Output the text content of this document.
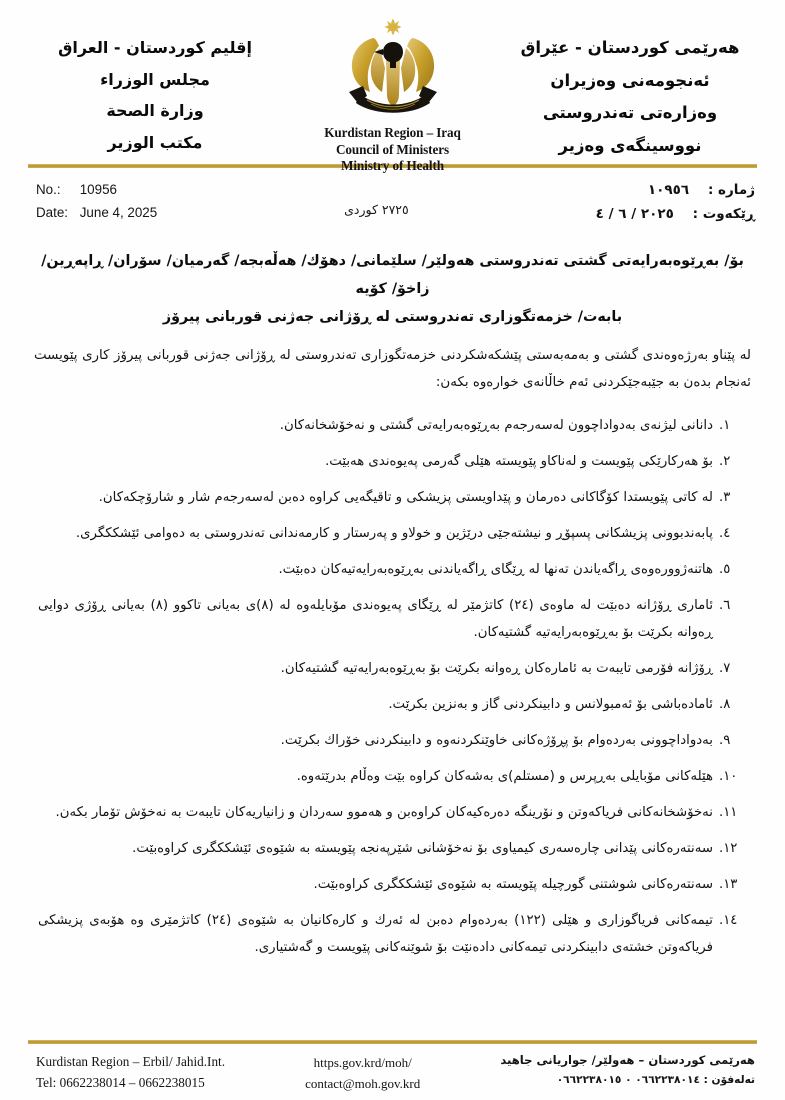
إقليم كوردستان - العراق
مجلس الوزراء
وزارة الصحة
مكتب الوزير
Kurdistan Region – Iraq
Council of Ministers
Ministry of Health
هەرێمی كوردستان - عێراق
ئەنجومەنی وەزیران
وەزارەتی تەندروستی
نووسینگەی وەزیر
No.: 10956
Date: June 4, 2025	٢٧٢٥ كوردی
ژماره :    ١٠٩٥٦
ڕێكەوت :    ٢٠٢٥ / ٦ / ٤
بۆ/ بەڕێوەبەرایەتی گشتی تەندروستی هەولێر/ سلێمانی/ دهۆك/ هەڵەبجە/ گەرمیان/ سۆران/ ڕاپەڕین/ زاخۆ/ كۆیە
بابەت/ خزمەتگوزاری تەندروستی لە ڕۆژانی جەژنی قوربانی پیرۆز
لە پێناو بەرژەوەندی گشتی و بەمەبەستی پێشكەشكردنی خزمەتگوزاری تەندروستی لە ڕۆژانی جەژنی قوربانی پیرۆز كاری پێویست ئەنجام بدەن بە جێبەجێكردنی ئەم خاڵانەی خوارەوە بكەن:
١.
دانانی لیژنەی بەدواداچوون لەسەرجەم بەڕێوەبەرایەتی گشتی و نەخۆشخانەكان.
٢.
بۆ هەركارێكی پێویست و لەناكاو پێویستە هێلی گەرمی پەیوەندی هەبێت.
٣.
لە كاتی پێویستدا كۆگاكانی دەرمان و پێداویستی پزیشكی و تاقیگەیی كراوە دەبن لەسەرجەم شار و شارۆچكەكان.
٤.
پابەندبوونی پزیشكانی پسپۆڕ و نیشتەجێی درێژین و خولاو و پەرستار و كارمەندانی تەندروستی بە دەوامی ئێشككگری.
٥.
هاتنەژوورەوەی ڕاگەیاندن تەنها لە ڕێگای ڕاگەیاندنی بەڕێوەبەرایەتیەكان دەبێت.
٦.
ئاماری ڕۆژانە دەبێت لە ماوەی (٢٤) كاتژمێر لە ڕێگای پەیوەندی مۆبایلەوە لە (٨)ی بەیانی تاكوو (٨) بەیانی ڕۆژی دوایی ڕەوانە بكرێت بۆ بەڕێوەبەرایەتیە گشتیەكان.
٧.
ڕۆژانە فۆرمی تایبەت بە ئامارەكان ڕەوانە بكرێت بۆ بەڕێوەبەرایەتیە گشتیەكان.
٨.
ئامادەباشی بۆ ئەمبولانس و دابینكردنی گاز و بەنزین بكرێت.
٩.
بەدواداچوونی بەردەوام بۆ پڕۆژەكانی خاوێنكردنەوە و دابینكردنی خۆراك بكرێت.
١٠.
هێلەكانی مۆبایلی بەڕپرس و (مستلم)ی بەشەكان كراوە بێت وەڵام بدرێتەوە.
١١.
نەخۆشخانەكانی فریاكەوتن و نۆرینگە دەرەكیەكان كراوەبن و هەموو سەردان و زانیاریەكان تایبەت بە نەخۆش تۆمار بكەن.
١٢.
سەنتەرەكانی پێدانی چارەسەری كیمیاوی بۆ نەخۆشانی شێرپەنجە پێویستە بە شێوەی ئێشككگری كراوەبێت.
١٣.
سەنتەرەكانی شوشتنی گورچیلە پێویستە بە شێوەی ئێشككگری كراوەبێت.
١٤.
تیمەكانی فریاگوزاری و هێلی (١٢٢) بەردەوام دەبن لە ئەرك و كارەكانیان بە شێوەی (٢٤) كاتژمێری وە هۆبەی پزیشكی فریاكەوتن خشتەی دابینكردنی تیمەكانی دادەنێت بۆ شوێنەكانی پێویست و گەشتیاری.
Kurdistan Region – Erbil/ Jahid.Int.
Tel: 0662238014 – 0662238015
https.gov.krd/moh/
contact@moh.gov.krd
هەرێمی كوردستان – هەولێر/ جواریانی جاهید
تەلەفۆن : ٠٦٦٢٢٣٨٠١٤ ٠ ٠٦٦٢٢٣٨٠١٥
